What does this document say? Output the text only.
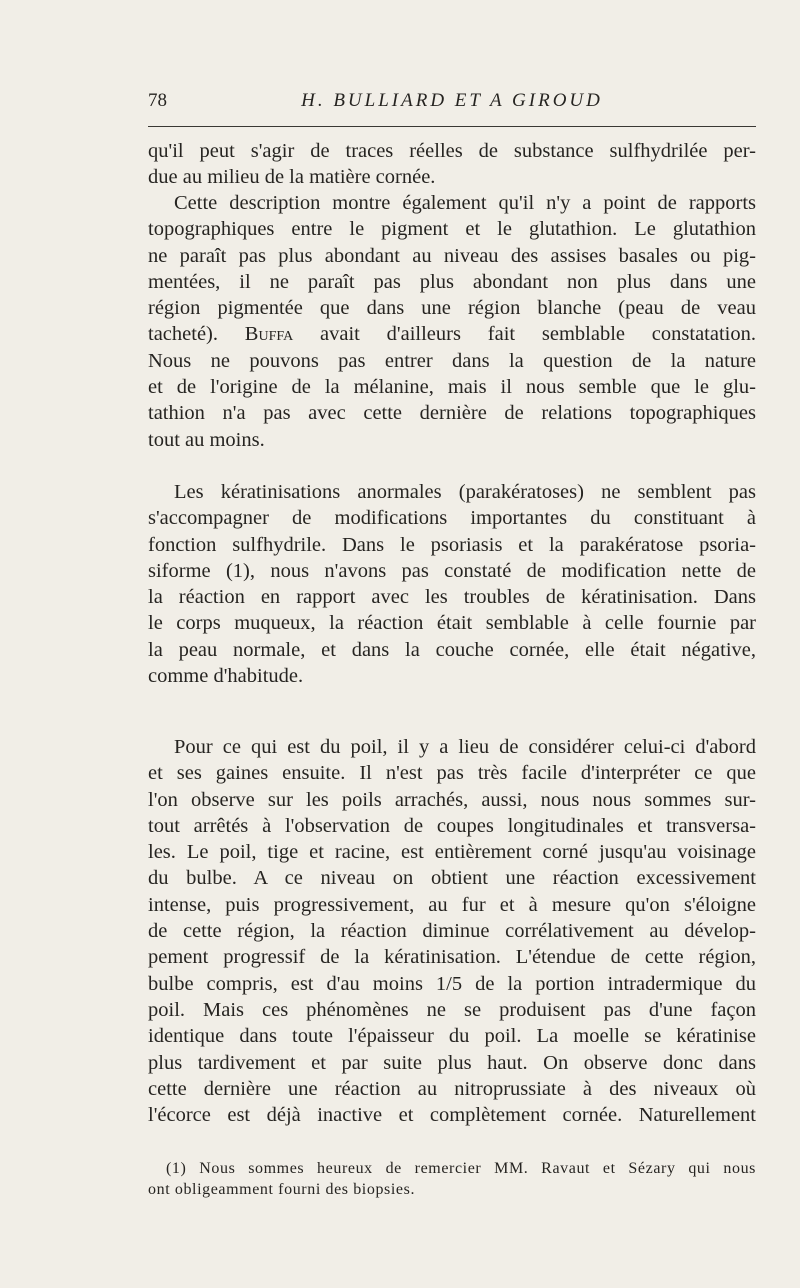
78	H. BULLIARD ET A GIROUD

qu'il peut s'agir de traces réelles de substance sulfhydrilée per-
due au milieu de la matière cornée.

Cette description montre également qu'il n'y a point de rapports
topographiques entre le pigment et le glutathion. Le glutathion
ne paraît pas plus abondant au niveau des assises basales ou pig-
mentées, il ne paraît pas plus abondant non plus dans une
région pigmentée que dans une région blanche (peau de veau
tacheté). Buffa avait d'ailleurs fait semblable constatation.
Nous ne pouvons pas entrer dans la question de la nature
et de l'origine de la mélanine, mais il nous semble que le glu-
tathion n'a pas avec cette dernière de relations topographiques
tout au moins.

Les kératinisations anormales (parakératoses) ne semblent pas
s'accompagner de modifications importantes du constituant à
fonction sulfhydrile. Dans le psoriasis et la parakératose psoria-
siforme (1), nous n'avons pas constaté de modification nette de
la réaction en rapport avec les troubles de kératinisation. Dans
le corps muqueux, la réaction était semblable à celle fournie par
la peau normale, et dans la couche cornée, elle était négative,
comme d'habitude.

Pour ce qui est du poil, il y a lieu de considérer celui-ci d'abord
et ses gaines ensuite. Il n'est pas très facile d'interpréter ce que
l'on observe sur les poils arrachés, aussi, nous nous sommes sur-
tout arrêtés à l'observation de coupes longitudinales et transversa-
les. Le poil, tige et racine, est entièrement corné jusqu'au voisinage
du bulbe. A ce niveau on obtient une réaction excessivement
intense, puis progressivement, au fur et à mesure qu'on s'éloigne
de cette région, la réaction diminue corrélativement au dévelop-
pement progressif de la kératinisation. L'étendue de cette région,
bulbe compris, est d'au moins 1/5 de la portion intradermique du
poil. Mais ces phénomènes ne se produisent pas d'une façon
identique dans toute l'épaisseur du poil. La moelle se kératinise
plus tardivement et par suite plus haut. On observe donc dans
cette dernière une réaction au nitroprussiate à des niveaux où
l'écorce est déjà inactive et complètement cornée. Naturellement

(1) Nous sommes heureux de remercier MM. Ravaut et Sézary qui nous
ont obligeamment fourni des biopsies.
